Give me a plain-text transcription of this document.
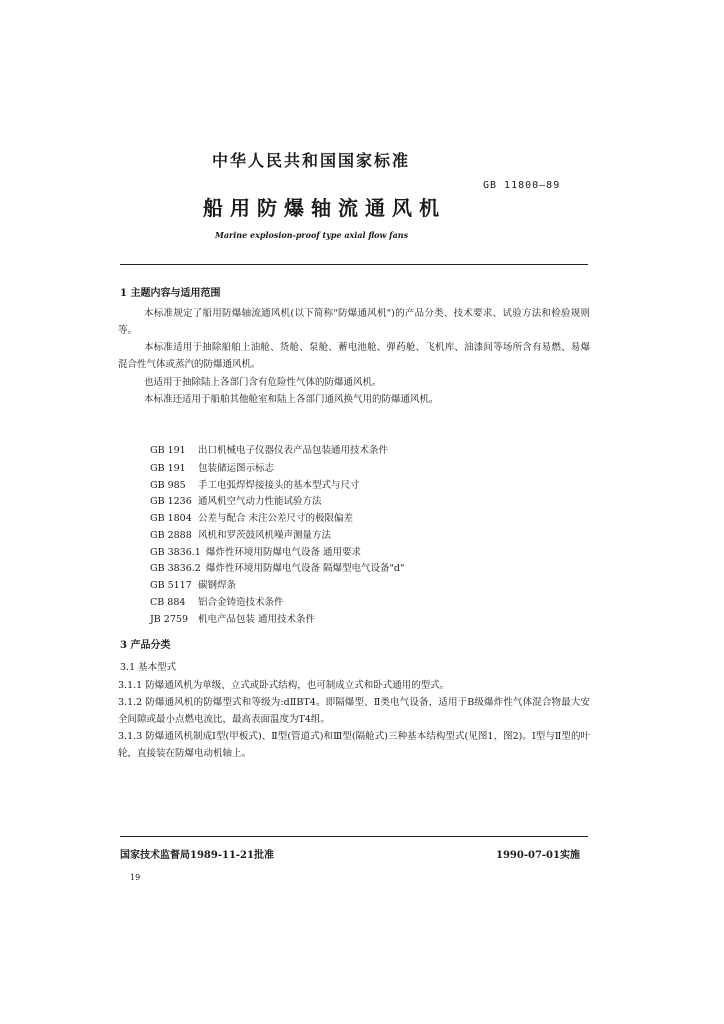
中华人民共和国国家标准
GB 11800—89
船用防爆轴流通风机
Marine explosion-proof type axial flow fans
1 主题内容与适用范围
本标准规定了船用防爆轴流通风机(以下简称"防爆通风机")的产品分类、技术要求、试验方法和检验规则等。
本标准适用于抽除船舶上油舱、货舱、泵舱、蓄电池舱、弹药舱、飞机库、油漆间等场所含有易燃、易爆混合性气体或蒸汽的防爆通风机。
也适用于抽除陆上各部门含有危险性气体的防爆通风机。
本标准还适用于船舶其他舱室和陆上各部门通风换气用的防爆通风机。
GB 191 出口机械电子仪器仪表产品包装通用技术条件
GB 191 包装储运图示标志
GB 985 手工电弧焊焊接接头的基本型式与尺寸
GB 1236 通风机空气动力性能试验方法
GB 1804 公差与配合 未注公差尺寸的极限偏差
GB 2888 风机和罗茨鼓风机噪声测量方法
GB 3836.1 爆炸性环境用防爆电气设备 通用要求
GB 3836.2 爆炸性环境用防爆电气设备 隔爆型电气设备"d"
GB 5117 碳钢焊条
CB 884 铝合金铸造技术条件
JB 2759 机电产品包装 通用技术条件
3 产品分类
3.1 基本型式
3.1.1 防爆通风机为单级、立式或卧式结构，也可制成立式和卧式通用的型式。
3.1.2 防爆通风机的防爆型式和等级为:dⅡBT4。即隔爆型、Ⅱ类电气设备，适用于B级爆炸性气体混合物最大安全间隙或最小点燃电流比，最高表面温度为T4组。
3.1.3 防爆通风机制成Ⅰ型(甲板式)、Ⅱ型(管道式)和Ⅲ型(隔舱式)三种基本结构型式(见图1、图2)。Ⅰ型与Ⅱ型的叶轮，直接装在防爆电动机轴上。
国家技术监督局1989-11-21批准	1990-07-01实施
19
